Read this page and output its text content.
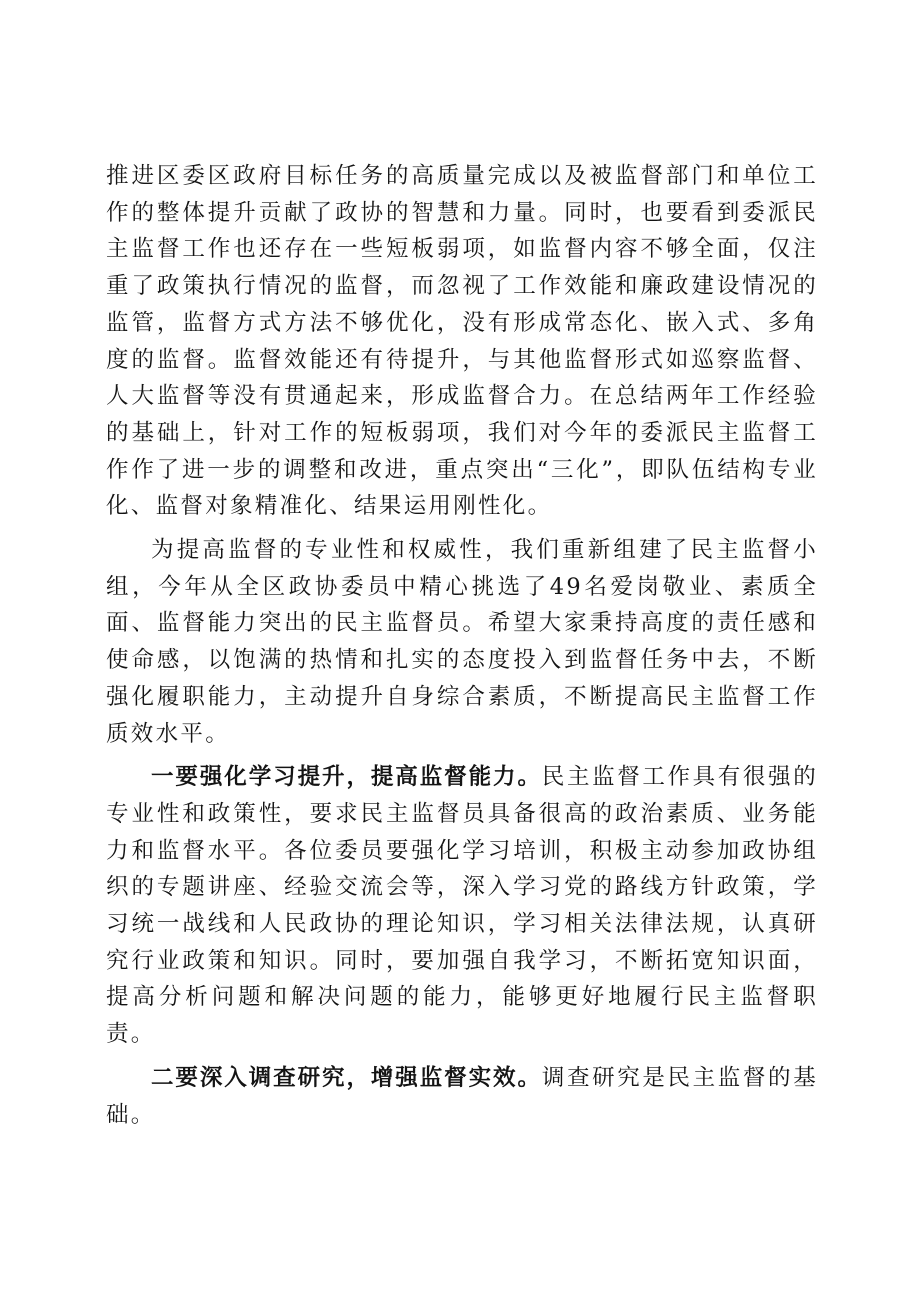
推进区委区政府目标任务的高质量完成以及被监督部门和单位工作的整体提升贡献了政协的智慧和力量。同时，也要看到委派民主监督工作也还存在一些短板弱项，如监督内容不够全面，仅注重了政策执行情况的监督，而忽视了工作效能和廉政建设情况的监管，监督方式方法不够优化，没有形成常态化、嵌入式、多角度的监督。监督效能还有待提升，与其他监督形式如巡察监督、人大监督等没有贯通起来，形成监督合力。在总结两年工作经验的基础上，针对工作的短板弱项，我们对今年的委派民主监督工作作了进一步的调整和改进，重点突出“三化”，即队伍结构专业化、监督对象精准化、结果运用刚性化。

为提高监督的专业性和权威性，我们重新组建了民主监督小组，今年从全区政协委员中精心挑选了49名爱岗敬业、素质全面、监督能力突出的民主监督员。希望大家秉持高度的责任感和使命感，以饱满的热情和扎实的态度投入到监督任务中去，不断强化履职能力，主动提升自身综合素质，不断提高民主监督工作质效水平。

一要强化学习提升，提高监督能力。民主监督工作具有很强的专业性和政策性，要求民主监督员具备很高的政治素质、业务能力和监督水平。各位委员要强化学习培训，积极主动参加政协组织的专题讲座、经验交流会等，深入学习党的路线方针政策，学习统一战线和人民政协的理论知识，学习相关法律法规，认真研究行业政策和知识。同时，要加强自我学习，不断拓宽知识面，提高分析问题和解决问题的能力，能够更好地履行民主监督职责。

二要深入调查研究，增强监督实效。调查研究是民主监督的基础。
